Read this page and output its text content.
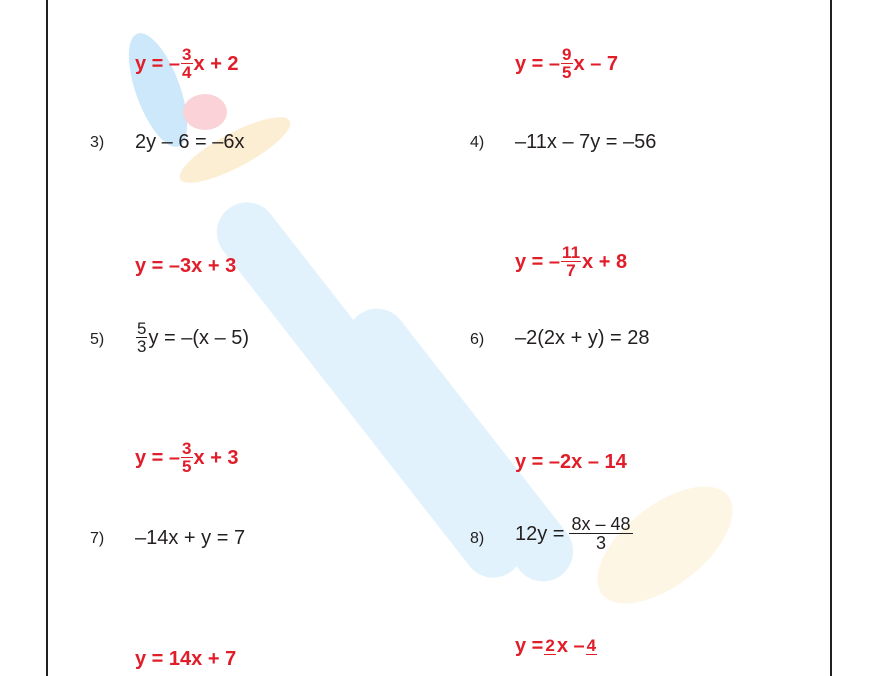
y = – $\frac{3}{4}$ x + 2	y = – $\frac{9}{5}$ x – 7
3) 2y – 6 = –6x
y = –3x + 3
4) –11x – 7y = –56
y = – $\frac{11}{7}$ x + 8
$5) \frac{5}{3}$ y = –(x – 5)
y = – $\frac{3}{5}$ x + 3
6) –2(2x + y) = 28
y = –2x – 14
7) –14x + y = 7
y = 14x + 7
8) $12y = \frac{8x - 48}{3}$
y = 2 x – 4
